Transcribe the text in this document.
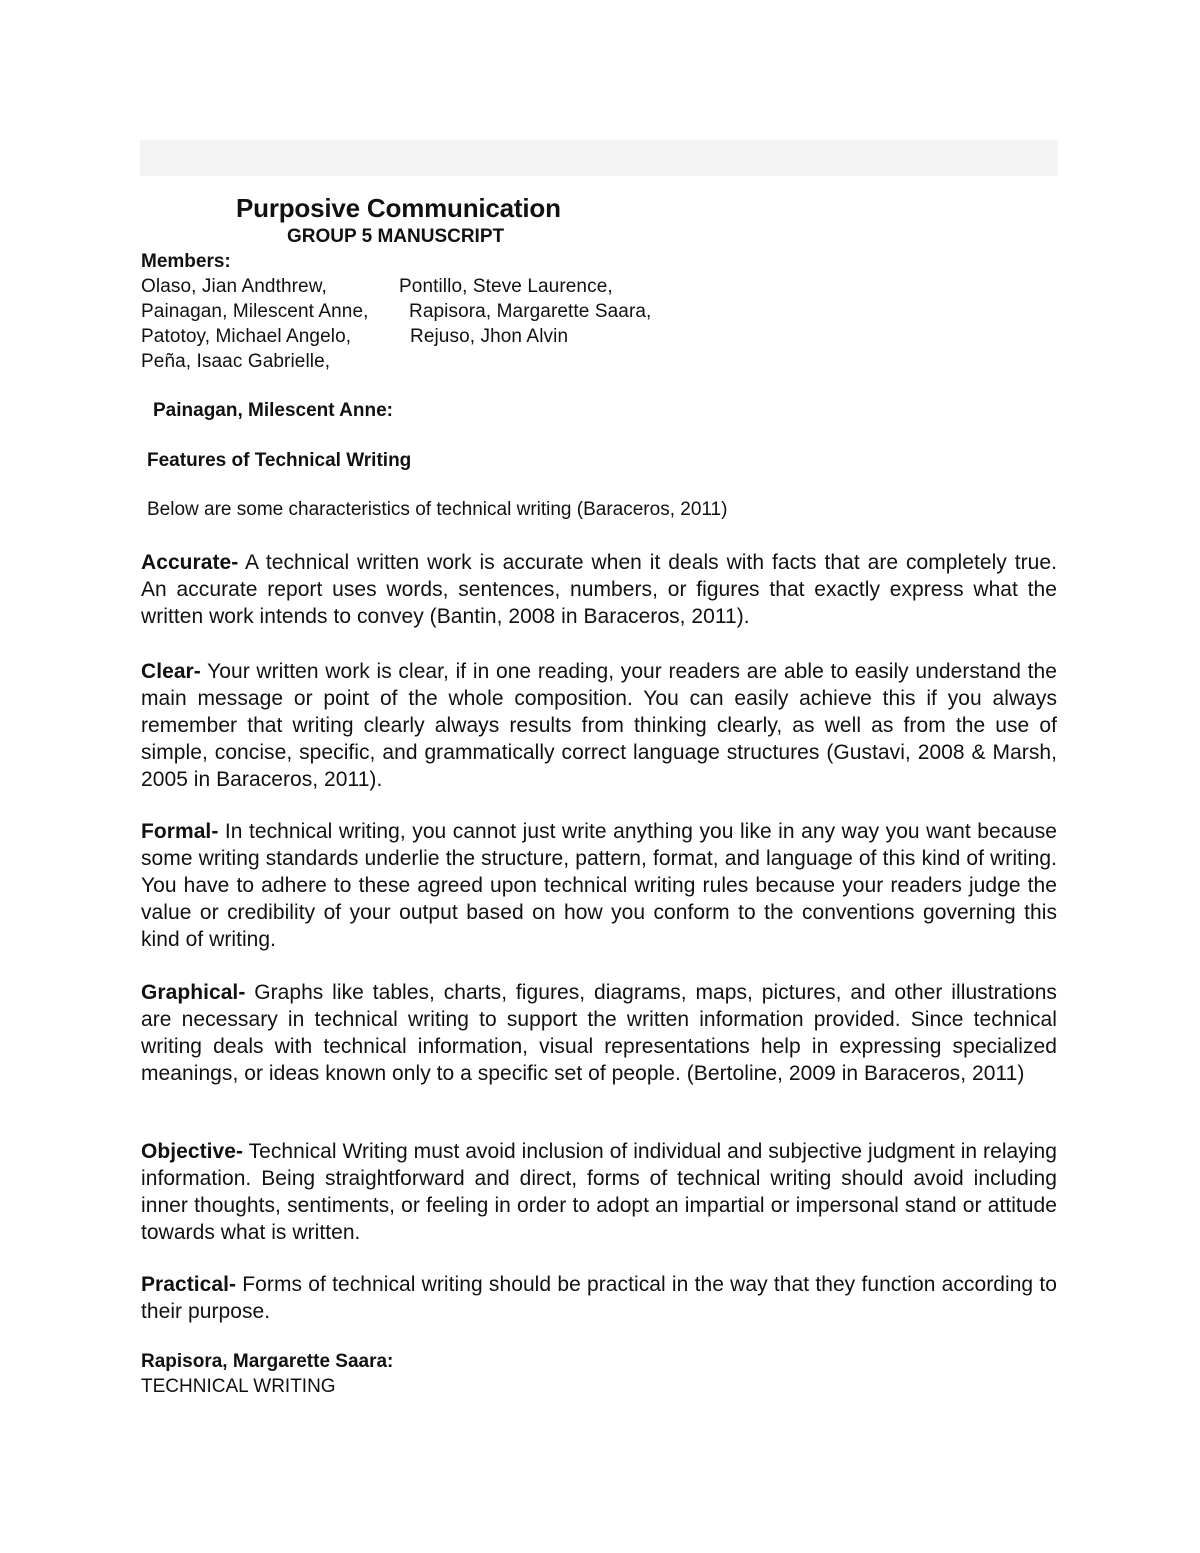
Purposive Communication
GROUP 5 MANUSCRIPT
Members:
Olaso, Jian Andthrew,	Pontillo, Steve Laurence,
Painagan, Milescent Anne, Rapisora, Margarette Saara,
Patotoy, Michael Angelo,	Rejuso, Jhon Alvin
Peña, Isaac Gabrielle,
Painagan, Milescent Anne:
Features of Technical Writing
Below are some characteristics of technical writing (Baraceros, 2011)
Accurate- A technical written work is accurate when it deals with facts that are completely true. An accurate report uses words, sentences, numbers, or figures that exactly express what the written work intends to convey (Bantin, 2008 in Baraceros, 2011).
Clear- Your written work is clear, if in one reading, your readers are able to easily understand the main message or point of the whole composition. You can easily achieve this if you always remember that writing clearly always results from thinking clearly, as well as from the use of simple, concise, specific, and grammatically correct language structures (Gustavi, 2008 & Marsh, 2005 in Baraceros, 2011).
Formal- In technical writing, you cannot just write anything you like in any way you want because some writing standards underlie the structure, pattern, format, and language of this kind of writing. You have to adhere to these agreed upon technical writing rules because your readers judge the value or credibility of your output based on how you conform to the conventions governing this kind of writing.
Graphical- Graphs like tables, charts, figures, diagrams, maps, pictures, and other illustrations are necessary in technical writing to support the written information provided. Since technical writing deals with technical information, visual representations help in expressing specialized meanings, or ideas known only to a specific set of people. (Bertoline, 2009 in Baraceros, 2011)
Objective- Technical Writing must avoid inclusion of individual and subjective judgment in relaying information. Being straightforward and direct, forms of technical writing should avoid including inner thoughts, sentiments, or feeling in order to adopt an impartial or impersonal stand or attitude towards what is written.
Practical- Forms of technical writing should be practical in the way that they function according to their purpose.
Rapisora, Margarette Saara:
TECHNICAL WRITING
